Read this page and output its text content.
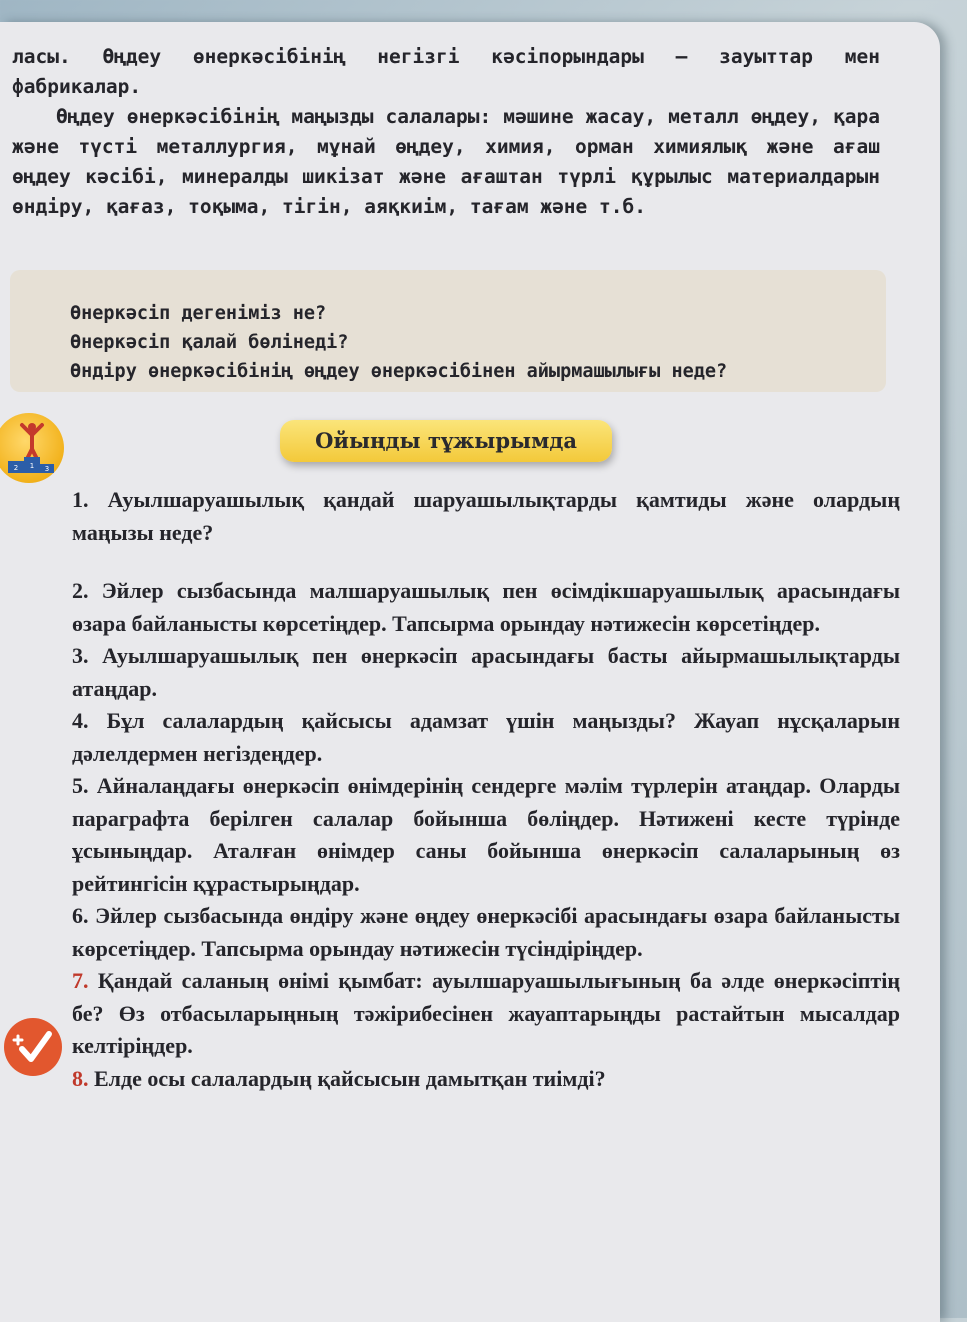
ласы. Өңдеу өнеркәсібінің негізгі кәсіпорындары – зауыттар мен фабрикалар.

Өңдеу өнеркәсібінің маңызды салалары: мәшине жасау, металл өңдеу, қара және түсті металлургия, мұнай өңдеу, химия, орман химиялық және ағаш өңдеу кәсібі, минералды шикізат және ағаштан түрлі құрылыс материалдарын өндіру, қағаз, тоқыма, тігін, аяқкиім, тағам және т.б.

Өнеркәсіп дегеніміз не?
Өнеркәсіп қалай бөлінеді?
Өндіру өнеркәсібінің өңдеу өнеркәсібінен айырмашылығы неде?
2 1 3
Ойыңды тұжырымда

1. Ауылшаруашылық қандай шаруашылықтарды қамтиды және олардың маңызы неде?

2. Эйлер сызбасында малшаруашылық пен өсімдікшаруашылық арасындағы өзара байланысты көрсетіңдер. Тапсырма орындау нәтижесін көрсетіңдер.

3. Ауылшаруашылық пен өнеркәсіп арасындағы басты айырмашылықтарды атаңдар.

4. Бұл салалардың қайсысы адамзат үшін маңызды? Жауап нұсқаларын дәлелдермен негіздеңдер.

5. Айналаңдағы өнеркәсіп өнімдерінің сендерге мәлім түрлерін атаңдар. Оларды параграфта берілген салалар бойынша бөліңдер. Нәтижені кесте түрінде ұсыныңдар. Аталған өнімдер саны бойынша өнеркәсіп салаларының өз рейтингісін құрастырыңдар.

6. Эйлер сызбасында өндіру және өңдеу өнеркәсібі арасындағы өзара байланысты көрсетіңдер. Тапсырма орындау нәтижесін түсіндіріңдер.

7. Қандай саланың өнімі қымбат: ауылшаруашылығының ба әлде өнеркәсіптің бе? Өз отбасыларыңның тәжірибесінен жауаптарыңды растайтын мысалдар келтіріңдер.

8. Елде осы салалардың қайсысын дамытқан тиімді?
